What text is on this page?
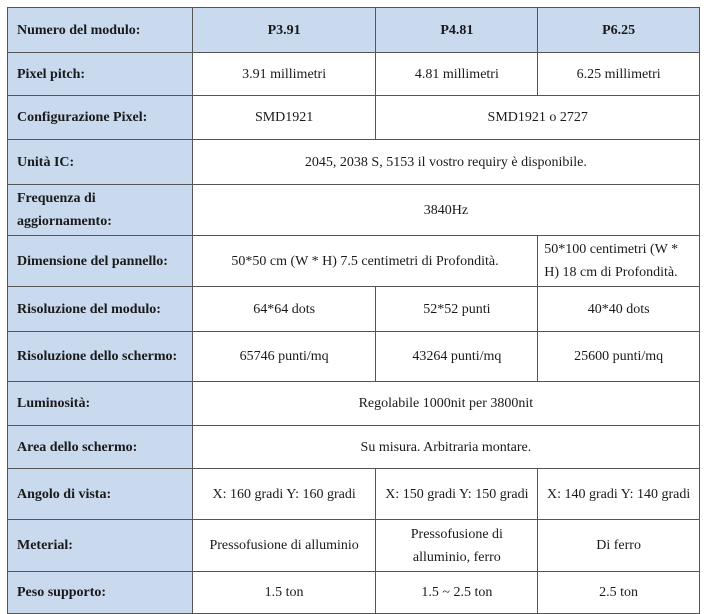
Numero del modulo:	P3.91	P4.81	P6.25
Pixel pitch:	3.91 millimetri	4.81 millimetri	6.25 millimetri
Configurazione Pixel:	SMD1921	SMD1921 o 2727	
Unità IC:	2045, 2038 S, 5153 il vostro requiry è disponibile.		
Frequenza di aggiornamento:	3840Hz		
Dimensione del pannello:	50*50 cm (W * H) 7.5 centimetri di Profondità.		50*100 centimetri (W * H) 18 cm di Profondità.
Risoluzione del modulo:	64*64 dots	52*52 punti	40*40 dots
Risoluzione dello schermo:	65746 punti/mq	43264 punti/mq	25600 punti/mq
Luminosità:	Regolabile 1000nit per 3800nit		
Area dello schermo:	Su misura. Arbitraria montare.		
Angolo di vista:	X: 160 gradi Y: 160 gradi	X: 150 gradi Y: 150 gradi	X: 140 gradi Y: 140 gradi
Meterial:	Pressofusione di alluminio	Pressofusione di alluminio, ferro	Di ferro
Peso supporto:	1.5 ton	1.5 ~ 2.5 ton	2.5 ton
